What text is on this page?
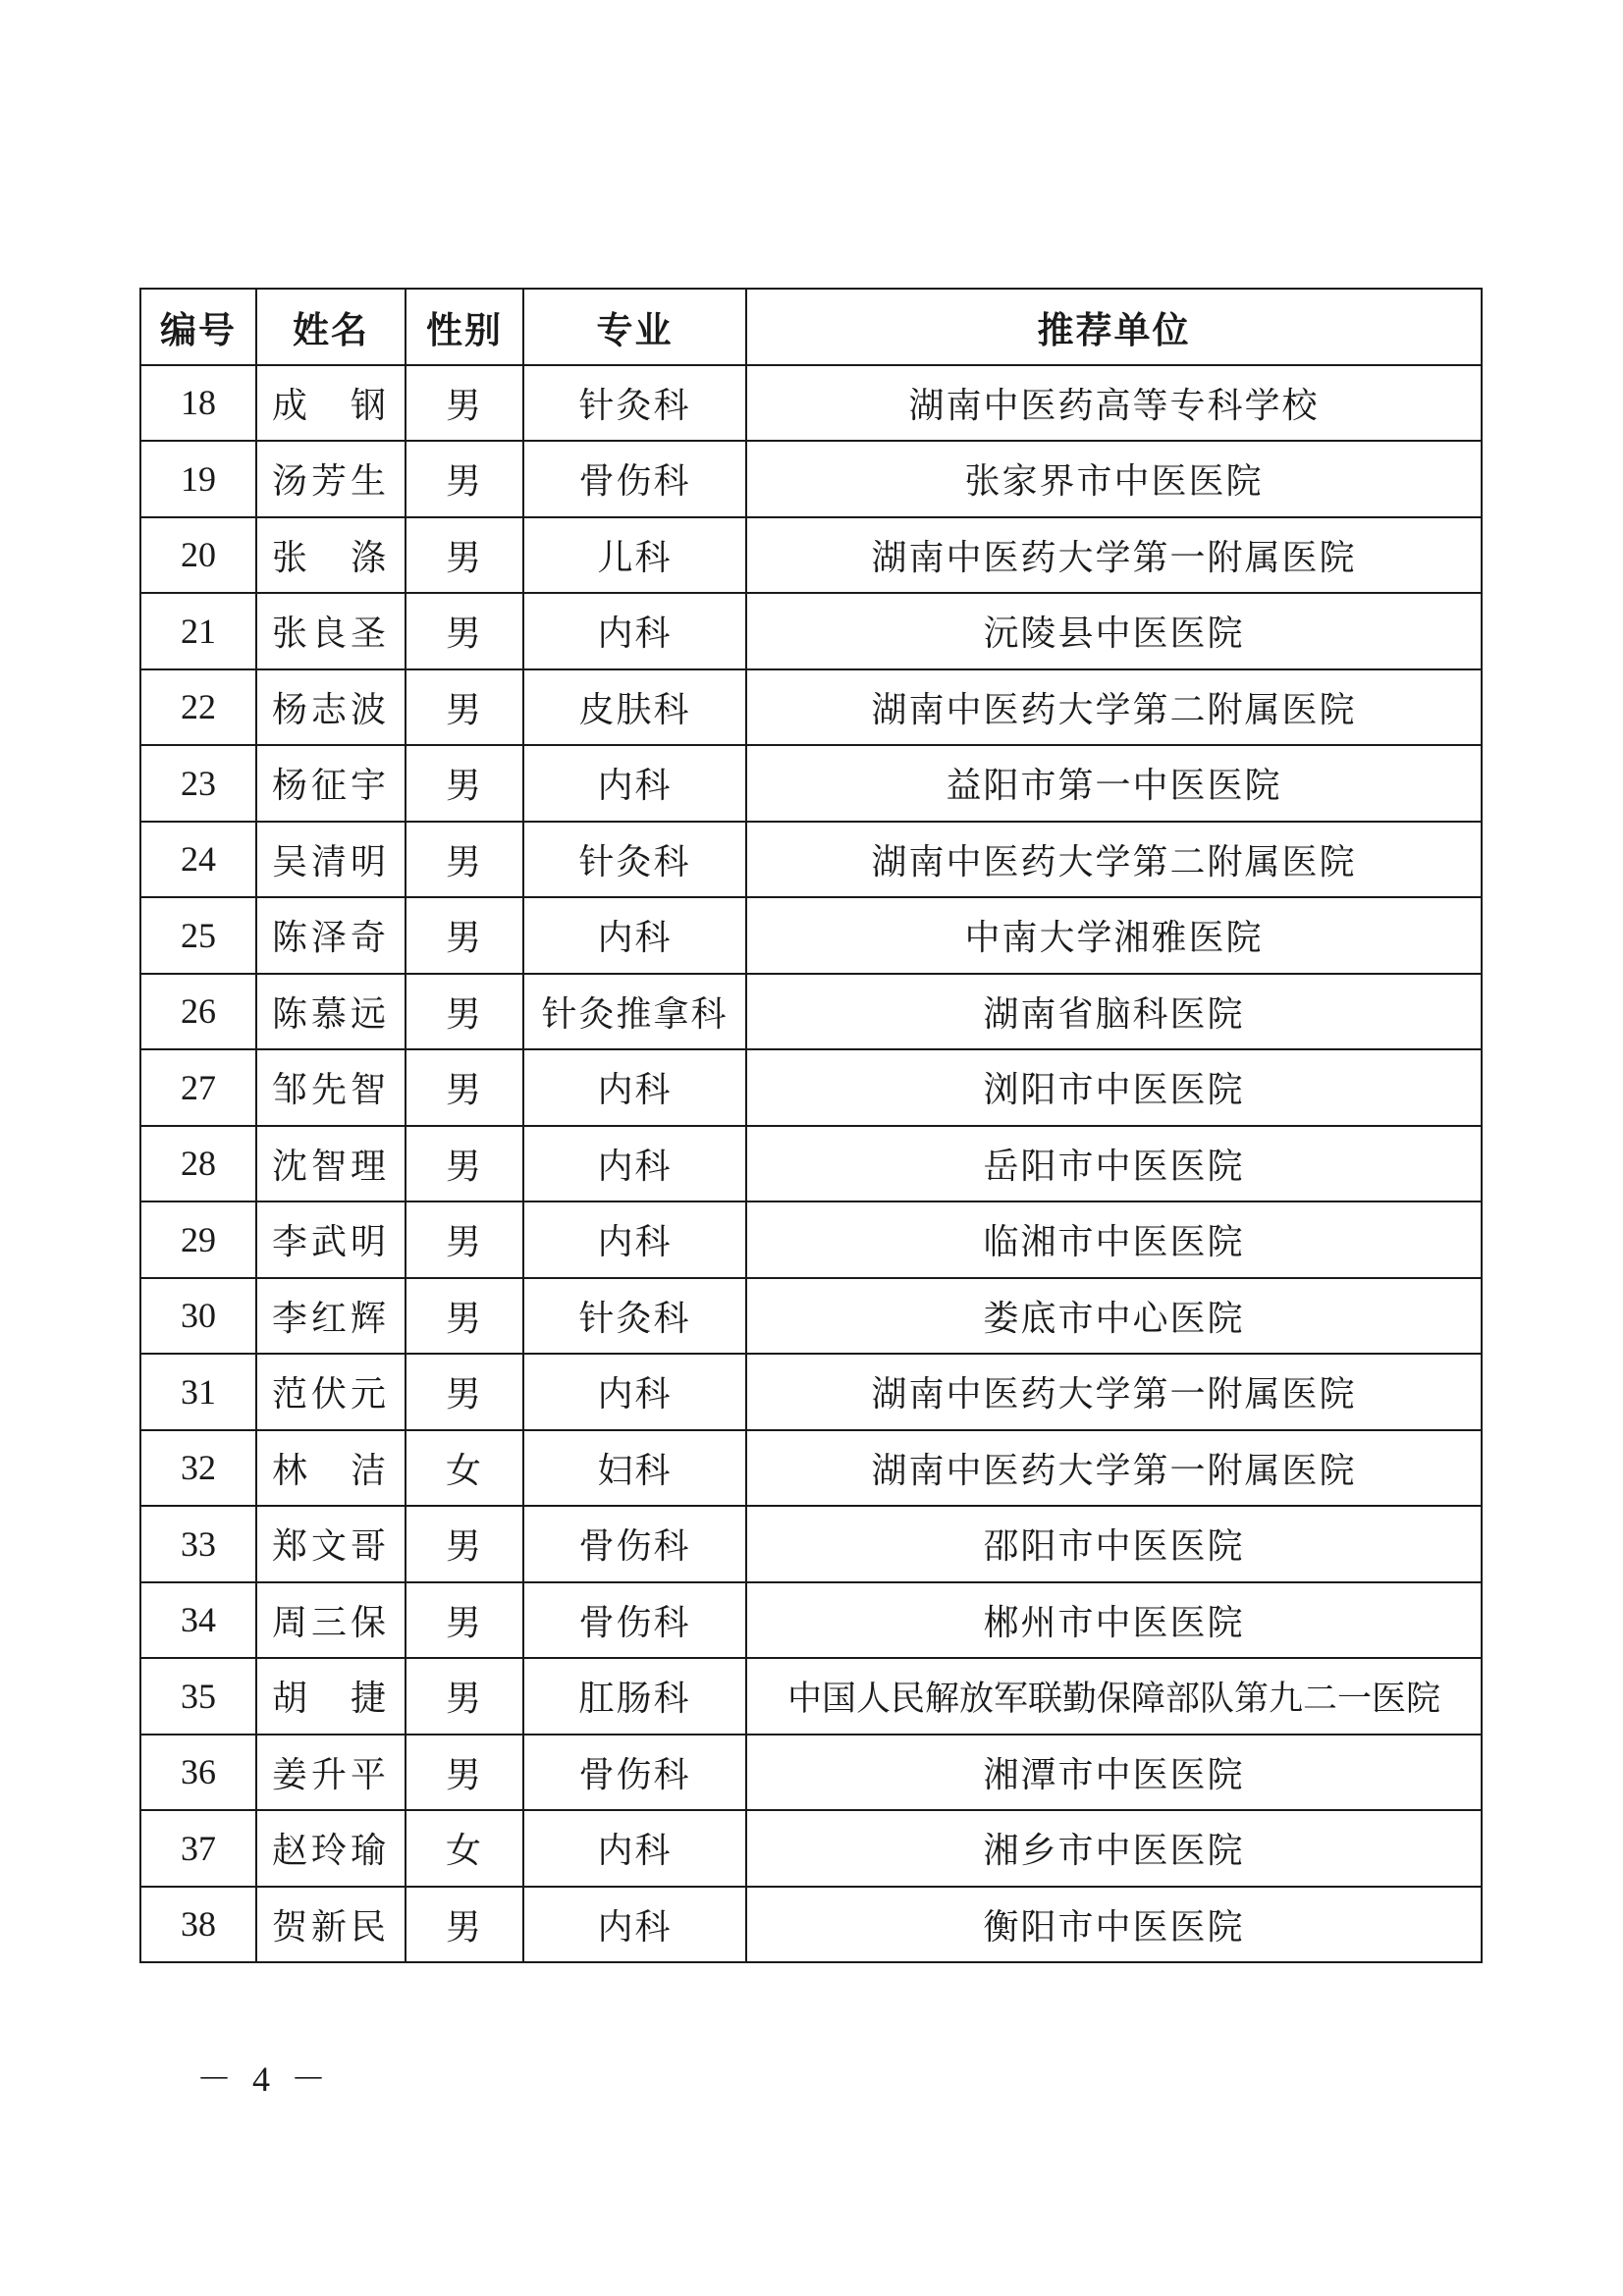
编号	姓名	性别	专业	推荐单位
18	成　钢	男	针灸科	湖南中医药高等专科学校
19	汤芳生	男	骨伤科	张家界市中医医院
20	张　涤	男	儿科	湖南中医药大学第一附属医院
21	张良圣	男	内科	沅陵县中医医院
22	杨志波	男	皮肤科	湖南中医药大学第二附属医院
23	杨征宇	男	内科	益阳市第一中医医院
24	吴清明	男	针灸科	湖南中医药大学第二附属医院
25	陈泽奇	男	内科	中南大学湘雅医院
26	陈慕远	男	针灸推拿科	湖南省脑科医院
27	邹先智	男	内科	浏阳市中医医院
28	沈智理	男	内科	岳阳市中医医院
29	李武明	男	内科	临湘市中医医院
30	李红辉	男	针灸科	娄底市中心医院
31	范伏元	男	内科	湖南中医药大学第一附属医院
32	林　洁	女	妇科	湖南中医药大学第一附属医院
33	郑文哥	男	骨伤科	邵阳市中医医院
34	周三保	男	骨伤科	郴州市中医医院
35	胡　捷	男	肛肠科	中国人民解放军联勤保障部队第九二一医院
36	姜升平	男	骨伤科	湘潭市中医医院
37	赵玲瑜	女	内科	湘乡市中医医院
38	贺新民	男	内科	衡阳市中医医院
－ 4 －
